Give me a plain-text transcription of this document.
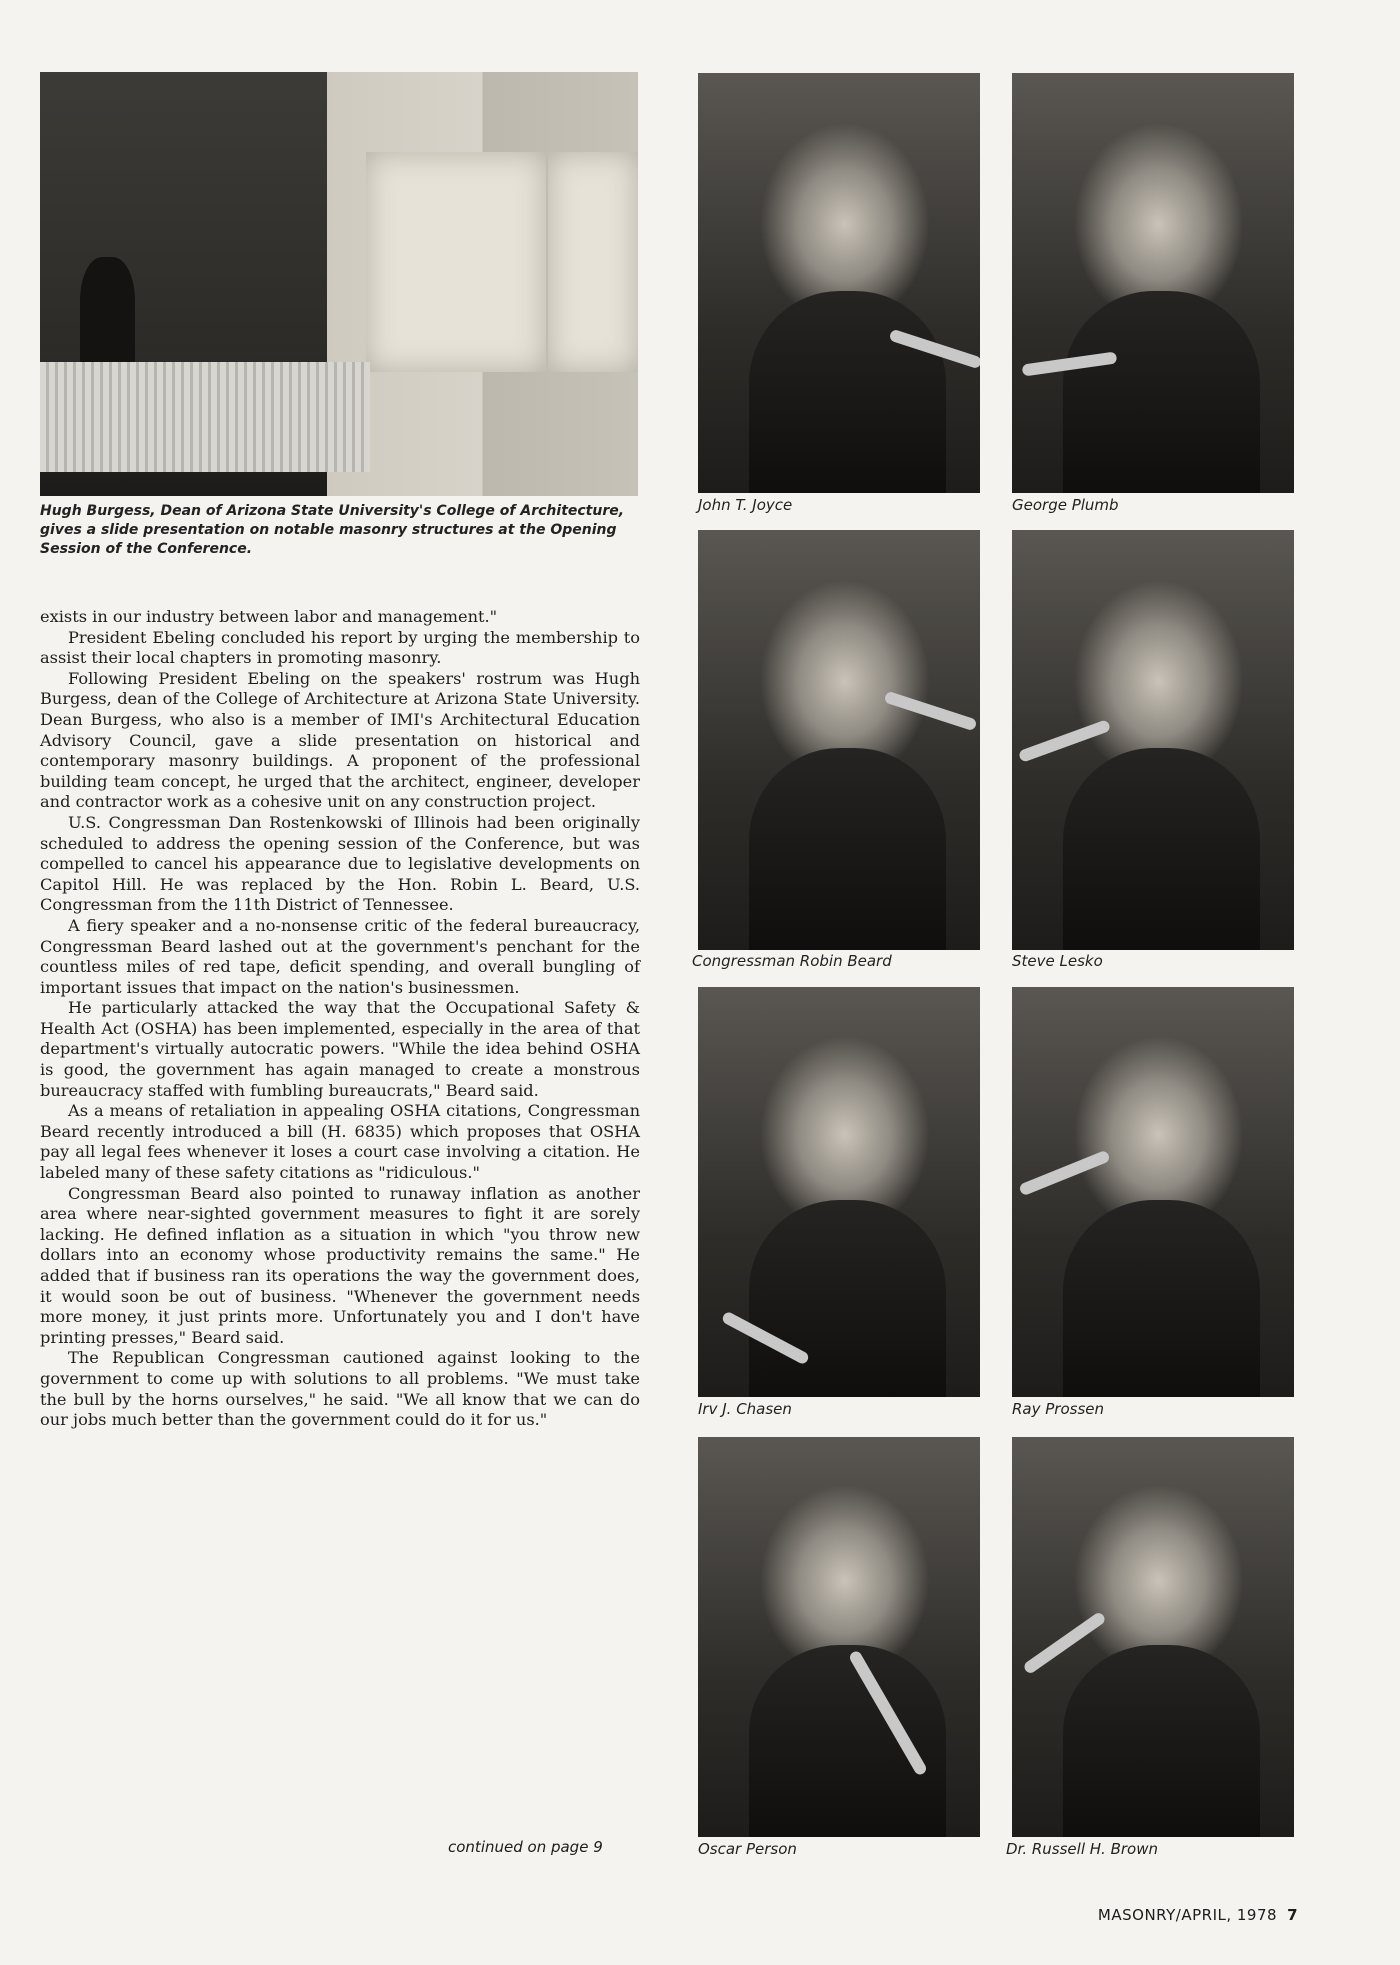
Hugh Burgess, Dean of Arizona State University's College of Architecture, gives a slide presentation on notable masonry structures at the Opening Session of the Conference.

exists in our industry between labor and management."

President Ebeling concluded his report by urging the membership to assist their local chapters in promoting masonry.

Following President Ebeling on the speakers' rostrum was Hugh Burgess, dean of the College of Architecture at Arizona State University. Dean Burgess, who also is a member of IMI's Architectural Education Advisory Council, gave a slide presentation on historical and contemporary masonry buildings. A proponent of the professional building team concept, he urged that the architect, engineer, developer and contractor work as a cohesive unit on any construction project.

U.S. Congressman Dan Rostenkowski of Illinois had been originally scheduled to address the opening session of the Conference, but was compelled to cancel his appearance due to legislative developments on Capitol Hill. He was replaced by the Hon. Robin L. Beard, U.S. Congressman from the 11th District of Tennessee.

A fiery speaker and a no-nonsense critic of the federal bureaucracy, Congressman Beard lashed out at the government's penchant for the countless miles of red tape, deficit spending, and overall bungling of important issues that impact on the nation's businessmen.

He particularly attacked the way that the Occupational Safety & Health Act (OSHA) has been implemented, especially in the area of that department's virtually autocratic powers. "While the idea behind OSHA is good, the government has again managed to create a monstrous bureaucracy staffed with fumbling bureaucrats," Beard said.

As a means of retaliation in appealing OSHA citations, Congressman Beard recently introduced a bill (H. 6835) which proposes that OSHA pay all legal fees whenever it loses a court case involving a citation. He labeled many of these safety citations as "ridiculous."

Congressman Beard also pointed to runaway inflation as another area where near-sighted government measures to fight it are sorely lacking. He defined inflation as a situation in which "you throw new dollars into an economy whose productivity remains the same." He added that if business ran its operations the way the government does, it would soon be out of business. "Whenever the government needs more money, it just prints more. Unfortunately you and I don't have printing presses," Beard said.

The Republican Congressman cautioned against looking to the government to come up with solutions to all problems. "We must take the bull by the horns ourselves," he said. "We all know that we can do our jobs much better than the government could do it for us."

continued on page 9

John T. Joyce	George Plumb

Congressman Robin Beard	Steve Lesko

Irv J. Chasen	Ray Prossen

Oscar Person	Dr. Russell H. Brown

MASONRY/APRIL, 1978 7
